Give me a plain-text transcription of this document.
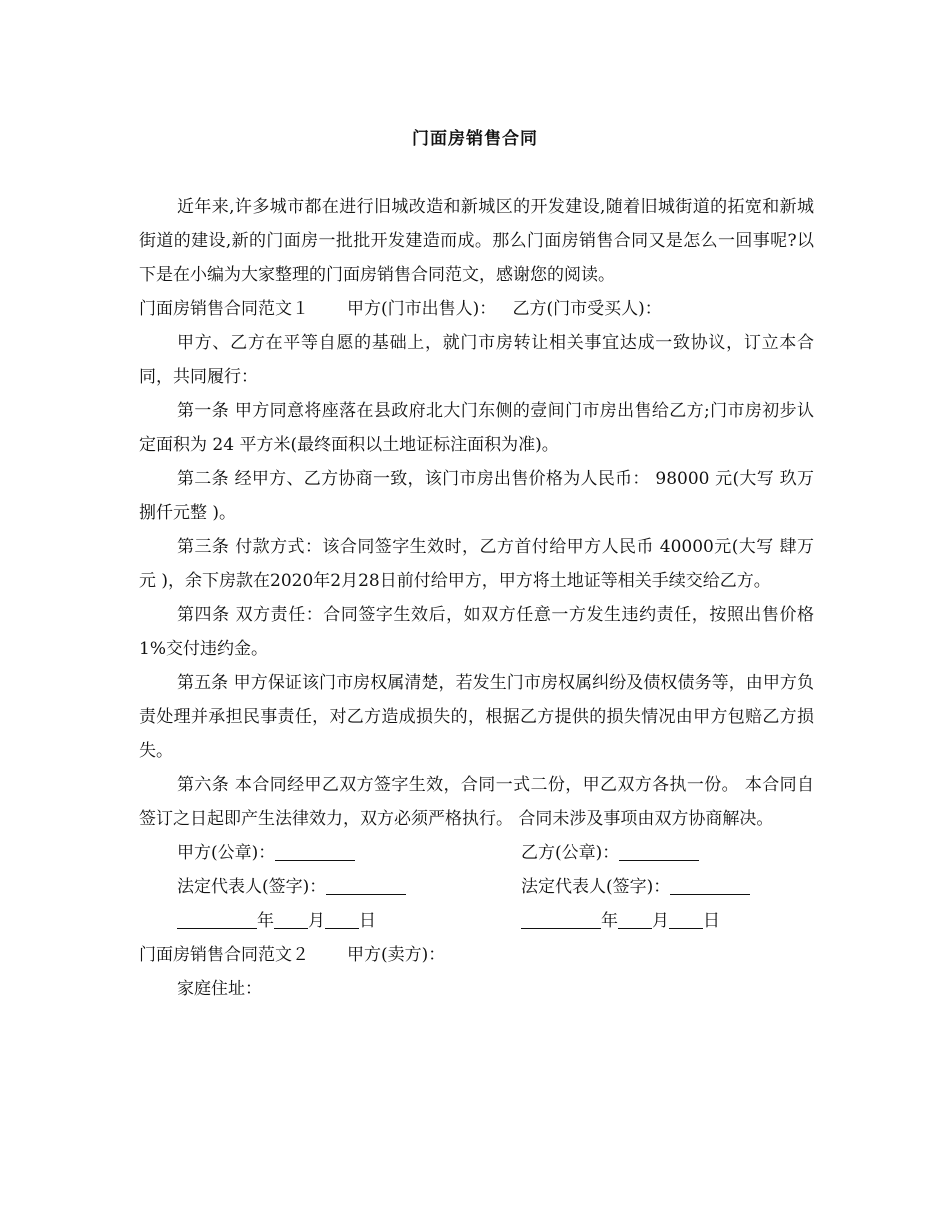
门面房销售合同

近年来,许多城市都在进行旧城改造和新城区的开发建设,随着旧城街道的拓宽和新城街道的建设,新的门面房一批批开发建造而成。那么门面房销售合同又是怎么一回事呢?以下是在小编为大家整理的门面房销售合同范文，感谢您的阅读。

门面房销售合同范文１ 甲方(门市出售人)： 乙方(门市受买人)：

甲方、乙方在平等自愿的基础上，就门市房转让相关事宜达成一致协议，订立本合同，共同履行：

第一条 甲方同意将座落在县政府北大门东侧的壹间门市房出售给乙方;门市房初步认定面积为 24 平方米(最终面积以土地证标注面积为准)。

第二条 经甲方、乙方协商一致，该门市房出售价格为人民币： 98000 元(大写 玖万捌仟元整 )。

第三条 付款方式：该合同签字生效时，乙方首付给甲方人民币 40000元(大写 肆万元 )，余下房款在2020年2月28日前付给甲方，甲方将土地证等相关手续交给乙方。

第四条 双方责任：合同签字生效后，如双方任意一方发生违约责任，按照出售价格1%交付违约金。

第五条 甲方保证该门市房权属清楚，若发生门市房权属纠纷及债权债务等，由甲方负责处理并承担民事责任，对乙方造成损失的，根据乙方提供的损失情况由甲方包赔乙方损失。

第六条 本合同经甲乙双方签字生效，合同一式二份，甲乙双方各执一份。 本合同自签订之日起即产生法律效力，双方必须严格执行。 合同未涉及事项由双方协商解决。

甲方(公章)：	乙方(公章)：
法定代表人(签字)：	法定代表人(签字)：
年 月 日	年 月 日

门面房销售合同范文２ 甲方(卖方)：

家庭住址：
